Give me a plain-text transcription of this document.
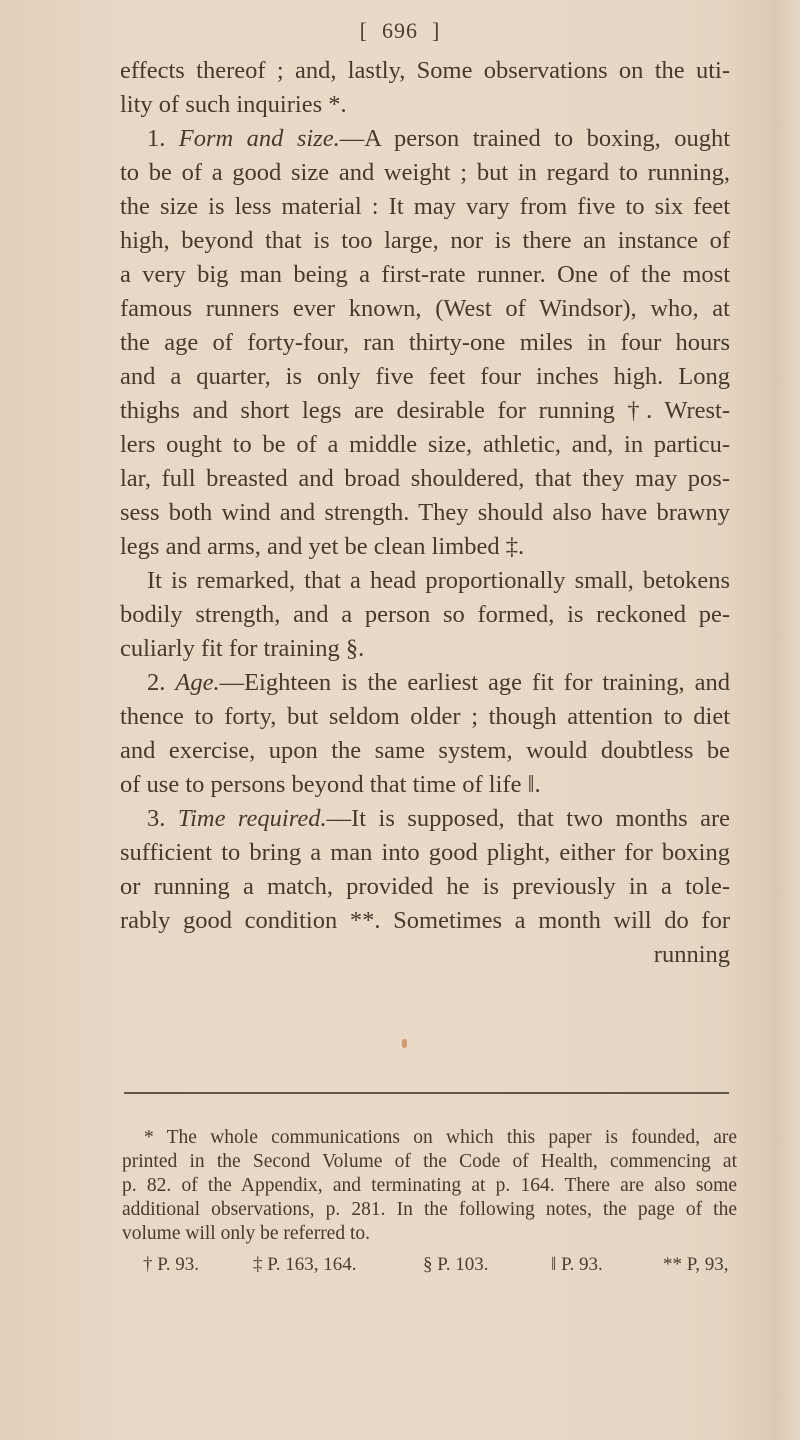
[ 696 ]

effects thereof ; and, lastly, Some observations on the uti-

lity of such inquiries *.

1. Form and size.—A person trained to boxing, ought

to be of a good size and weight ; but in regard to running,

the size is less material : It may vary from five to six feet

high, beyond that is too large, nor is there an instance of

a very big man being a first-rate runner. One of the most

famous runners ever known, (West of Windsor), who, at

the age of forty-four, ran thirty-one miles in four hours

and a quarter, is only five feet four inches high. Long

thighs and short legs are desirable for running †. Wrest-

lers ought to be of a middle size, athletic, and, in particu-

lar, full breasted and broad shouldered, that they may pos-

sess both wind and strength. They should also have brawny

legs and arms, and yet be clean limbed ‡.

It is remarked, that a head proportionally small, betokens

bodily strength, and a person so formed, is reckoned pe-

culiarly fit for training §.

2. Age.—Eighteen is the earliest age fit for training, and

thence to forty, but seldom older ; though attention to diet

and exercise, upon the same system, would doubtless be

of use to persons beyond that time of life ‖.

3. Time required.—It is supposed, that two months are

sufficient to bring a man into good plight, either for boxing

or running a match, provided he is previously in a tole-

rably good condition **. Sometimes a month will do for

running

* The whole communications on which this paper is founded, are

printed in the Second Volume of the Code of Health, commencing at

p. 82. of the Appendix, and terminating at p. 164. There are also some

additional observations, p. 281. In the following notes, the page of the

volume will only be referred to.

† P. 93.	‡ P. 163, 164.	§ P. 103.	‖ P. 93.	** P, 93,
